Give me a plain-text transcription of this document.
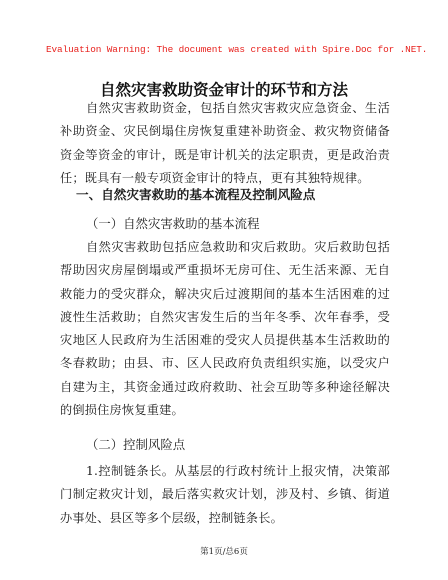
Evaluation Warning: The document was created with Spire.Doc for .NET.
自然灾害救助资金审计的环节和方法

自然灾害救助资金，包括自然灾害救灾应急资金、生活补助资金、灾民倒塌住房恢复重建补助资金、救灾物资储备资金等资金的审计，既是审计机关的法定职责，更是政治责任；既具有一般专项资金审计的特点，更有其独特规律。

一、自然灾害救助的基本流程及控制风险点
（一）自然灾害救助的基本流程

自然灾害救助包括应急救助和灾后救助。灾后救助包括帮助因灾房屋倒塌或严重损坏无房可住、无生活来源、无自救能力的受灾群众，解决灾后过渡期间的基本生活困难的过渡性生活救助；自然灾害发生后的当年冬季、次年春季，受灾地区人民政府为生活困难的受灾人员提供基本生活救助的冬春救助；由县、市、区人民政府负责组织实施，以受灾户自建为主，其资金通过政府救助、社会互助等多种途径解决的倒损住房恢复重建。

（二）控制风险点

1.控制链条长。从基层的行政村统计上报灾情，决策部门制定救灾计划，最后落实救灾计划，涉及村、乡镇、街道办事处、县区等多个层级，控制链条长。

第1页/总6页
